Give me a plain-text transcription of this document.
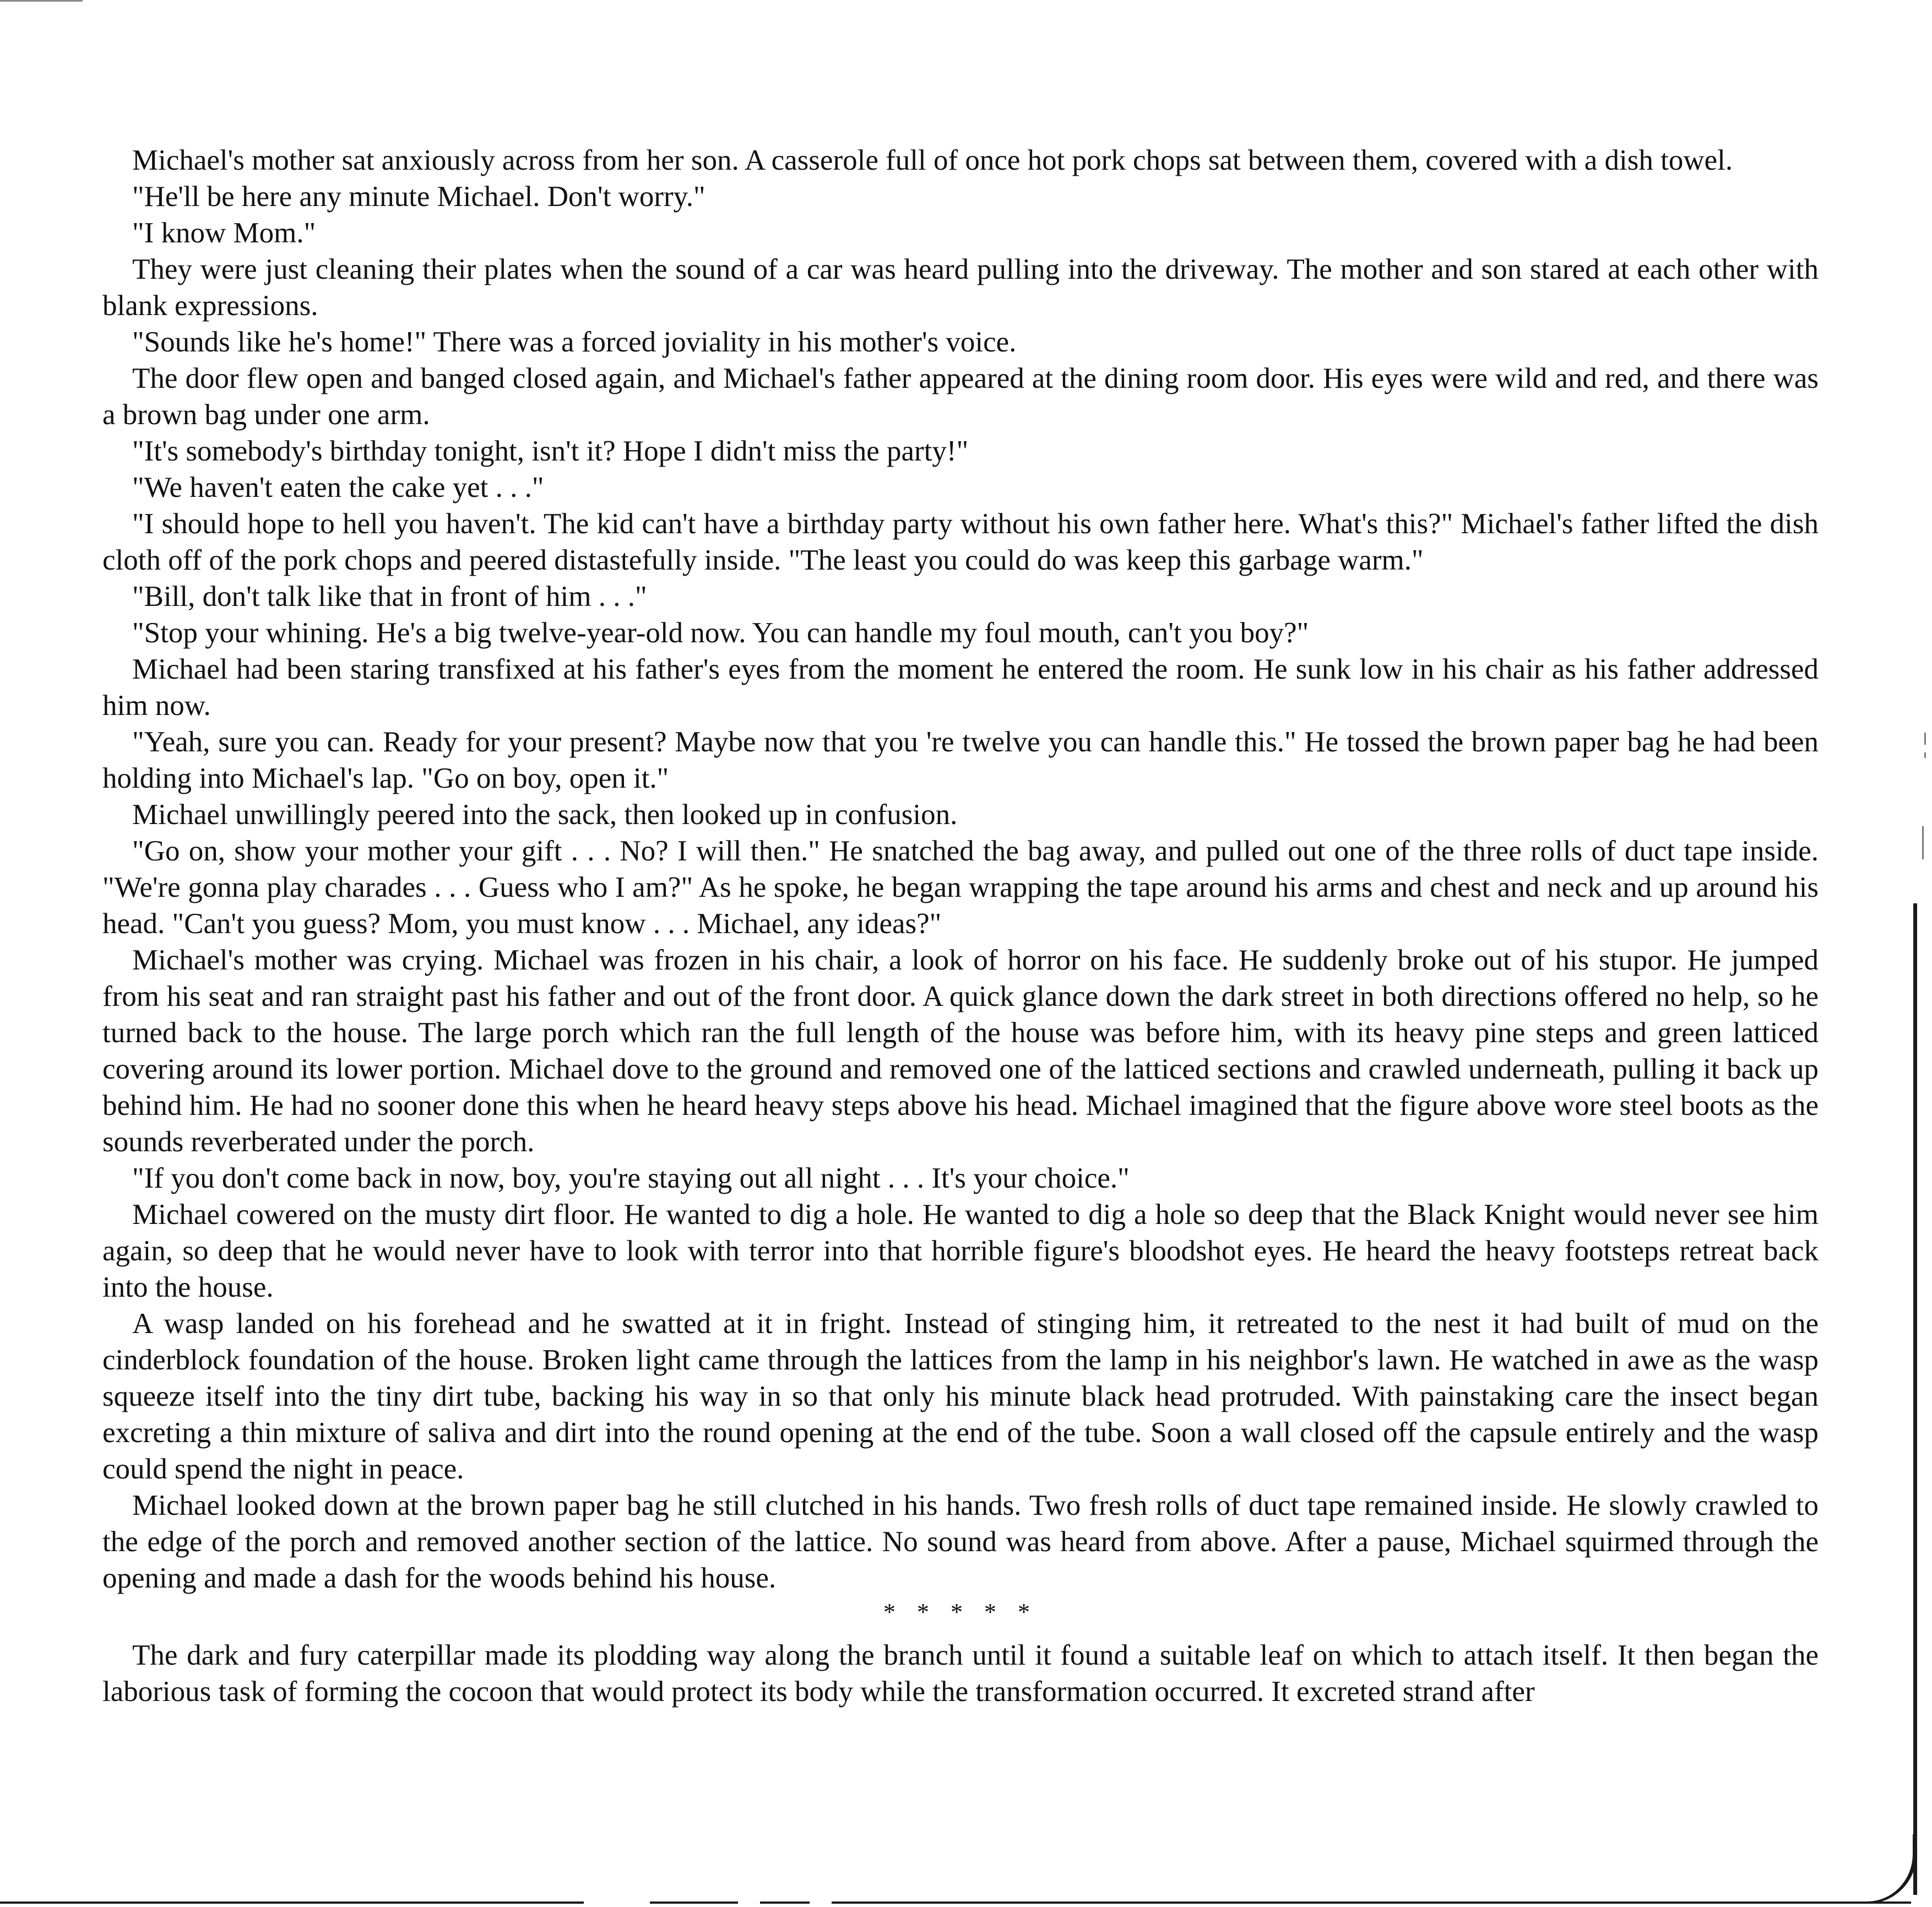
Michael's mother sat anxiously across from her son. A casserole full of once hot pork chops sat between them, covered with a dish towel.

"He'll be here any minute Michael. Don't worry."

"I know Mom."

They were just cleaning their plates when the sound of a car was heard pulling into the driveway. The mother and son stared at each other with blank expressions.

"Sounds like he's home!" There was a forced joviality in his mother's voice.

The door flew open and banged closed again, and Michael's father appeared at the dining room door. His eyes were wild and red, and there was a brown bag under one arm.

"It's somebody's birthday tonight, isn't it? Hope I didn't miss the party!"

"We haven't eaten the cake yet . . ."

"I should hope to hell you haven't. The kid can't have a birthday party without his own father here. What's this?" Michael's father lifted the dish cloth off of the pork chops and peered distastefully inside. "The least you could do was keep this garbage warm."

"Bill, don't talk like that in front of him . . ."

"Stop your whining. He's a big twelve-year-old now. You can handle my foul mouth, can't you boy?"

Michael had been staring transfixed at his father's eyes from the moment he entered the room. He sunk low in his chair as his father addressed him now.

"Yeah, sure you can. Ready for your present? Maybe now that you 're twelve you can handle this." He tossed the brown paper bag he had been holding into Michael's lap. "Go on boy, open it."

Michael unwillingly peered into the sack, then looked up in confusion.

"Go on, show your mother your gift . . . No? I will then." He snatched the bag away, and pulled out one of the three rolls of duct tape inside. "We're gonna play charades . . . Guess who I am?" As he spoke, he began wrapping the tape around his arms and chest and neck and up around his head. "Can't you guess? Mom, you must know . . . Michael, any ideas?"

Michael's mother was crying. Michael was frozen in his chair, a look of horror on his face. He suddenly broke out of his stupor. He jumped from his seat and ran straight past his father and out of the front door. A quick glance down the dark street in both directions offered no help, so he turned back to the house. The large porch which ran the full length of the house was before him, with its heavy pine steps and green latticed covering around its lower portion. Michael dove to the ground and removed one of the latticed sections and crawled underneath, pulling it back up behind him. He had no sooner done this when he heard heavy steps above his head. Michael imagined that the figure above wore steel boots as the sounds reverberated under the porch.

"If you don't come back in now, boy, you're staying out all night . . . It's your choice."

Michael cowered on the musty dirt floor. He wanted to dig a hole. He wanted to dig a hole so deep that the Black Knight would never see him again, so deep that he would never have to look with terror into that horrible figure's bloodshot eyes. He heard the heavy footsteps retreat back into the house.

A wasp landed on his forehead and he swatted at it in fright. Instead of stinging him, it retreated to the nest it had built of mud on the cinderblock foundation of the house. Broken light came through the lattices from the lamp in his neighbor's lawn. He watched in awe as the wasp squeeze itself into the tiny dirt tube, backing his way in so that only his minute black head protruded. With painstaking care the insect began excreting a thin mixture of saliva and dirt into the round opening at the end of the tube. Soon a wall closed off the capsule entirely and the wasp could spend the night in peace.

Michael looked down at the brown paper bag he still clutched in his hands. Two fresh rolls of duct tape remained inside. He slowly crawled to the edge of the porch and removed another section of the lattice. No sound was heard from above. After a pause, Michael squirmed through the opening and made a dash for the woods behind his house.

* * * * *

The dark and fury caterpillar made its plodding way along the branch until it found a suitable leaf on which to attach itself. It then began the laborious task of forming the cocoon that would protect its body while the transformation occurred. It excreted strand after
